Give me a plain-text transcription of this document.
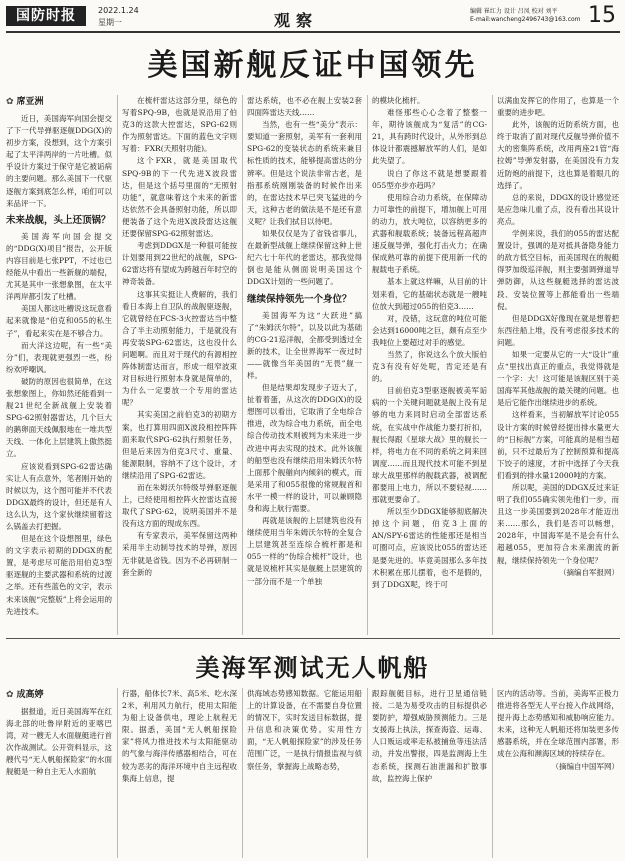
国防时报	2022.1.24
星期一	观察	编辑 崔红力 设计 吕凤 校对 刘平
E-mail:wancheng2496743@163.com 15
美国新舰反证中国领先
✿ 席亚洲

近日，美国海军向国会提交了下一代导弹驱逐舰DDG(X)的初步方案，没想到，这个方案引起了太平洋两岸的一片吐槽。似乎设计方案过于保守是它被诟病的主要问题。那么美国下一代驱逐舰方案到底怎么样，咱们可以来品评一下。

未来战舰，头上还顶锅？

美国海军向国会提交的“DDG(X)项目”报告，公开版内容目前是七张PPT，不过也已经能从中看出一些新舰的端倪，尤其是其中一张想象图，在太平洋两岸都引发了吐槽。

美国人都这吐槽说这玩意看起来就像是“伯克和055的私生子”，看起来实在是不够合力。

而大洋这边呢，有一些“美分”们，表现就更强烈一些，纷纷欢呼嘲讽。

破防的原因也很简单，在这张想象图上，你如然还能看到一舰21世纪全新战舰上安装着SPG-62照射器雷达，几个巨大的鹅卵面天线佩服地在一堆共型天线、一体化上层建筑上傲然挺立。

应该说看到SPG-62雷达确实让人有点意外，笔者刚开始的时候以为，这个图可能并不代表DDGX最终的设计，但还是有人这么认为，这个家伙继续留着这么锅盖去打把握。

但是在这个设想图里，绿色的文字表示初期的DDGX的配置，是考虑尽可能沿用伯克3型驱逐舰的主要武器和系统的过渡之举。还有些蓝色的文字，表示未来该舰“完整版”上将会运用的先进技术。

在梳杆雷达这部分里，绿色的写着SPQ-9B，也就是说沿用了伯克3的这款大控雷达，SPG-62则作为照射雷达。下面的蓝色文字则写着：FXR(天照射功能)。

这个FXR，就是美国取代SPQ-9B的下一代先进X波段雷达，但是这个括号里面的“无照射功能”，就意味着这个未来的新雷达依然不会具备照射功能，所以即便装备了这个先进X波段雷达这舰还要保留SPG-62照射雷达。

考虑到DDGX是一种很可能按计划要用到22世纪的战舰，SPG-62雷达将有望成为跨越百年时空的神奇装备。

这事其实挺让人费解的，我们看日本海上自卫队的战舰驱逐舰，它就曾经在FCS-3火控雷达当中整合了半主动照射能力，于是就没有再安装SPG-62雷达，这也没什么问题啊。而且对于现代的有源相控阵体制雷达而言，形成一组窄波束对目标进行照射本身就是简单的，为什么一定要放一个专用的雷达呢？

其实美国之前伯克3的初期方案，也打算用四面X波段相控阵阵面来取代SPG-62执行照射任务，但是后来因为伯克3尺寸、重量、能源限制，容纳不了这个设计，才继续沿用了SPG-62雷达。

而在朱姆沃尔特级导弹驱逐舰上，已经使用相控阵火控雷达直接取代了SPG-62，说明美国并不是没有这方面的现成东西。

有专家表示，美军保留这两种采用半主动制导技术的导弹，原因无非就是省钱。因为不必再研制一套全新的

雷达系统，也不必在舰上安装2套四面阵雷达天线……

当然，也有一些“美分”表示：要知道一套照射，美军有一套利用SPG-62的变装状态的系统来兼目标性质的技术，能够提高雷达的分辨率。但是这个说法非常古老，是指那系统刚刚装备的时候作出来的，在雷达技术早已突飞猛进的今天，这种古老的做法是不是还有意义呢？让我们拭目以待吧。

如果仅仅是为了省钱省事儿，在最新型战舰上继续保留这种上世纪六七十年代的老雷达，那我觉得倒也是能从侧面说明美国这个DDGX计划的一些问题了。

继续保持领先一个身位？

美国海军为这“大跃进”搞了“朱姆沃尔特”，以及以此为基础的CG-21巡洋舰，全都受到透过全新的技术，让全世界海军一夜过时——就像当年美国的“无畏”舰一样。

但是结果却发现步子迈大了，扯着着蛋，从这次的DDG(X)的设想图可以看出，它取消了全电综合推进，改为综合电力系统，而全电综合传动技术则被判为未来进一步改进中再去实现的技术。此外该舰的船型也没有继续沿用朱姆沃尔特上面那个舰艏向内倾斜的模式，而是采用了和055很像的常规舰首和水平一模一样的设计，可以兼顾隐身和海上航行需要。

再就是该舰的上层建筑也没有继续使用当年朱姆沃尔特的全复合上层建筑甚至连综合梳杆都是和055一样的“伪综合梳杆”设计，也就是说梳杆其实是舰艇上层建筑的一部分而不是一个单独

的模块化梳杆。

难怪那些心心念着了整整一年，期待该舰成为“复活”的CG-21，具有跨时代设计，从外形到总体设计都震撼解放军的人们，是如此失望了。

说白了你这不就是想要跟着055型亦步亦趋吗？

使用综合动力系统，在保障动力可靠性的前提下，增加舰上可用的动力，放大吨位，以容纳更多的武器和舰载系统；装备远程高超声速反舰导弹，强化打击火力；在确保成熟可靠的前提下使用新一代的舰载电子系统。

基本上就这样嘛，从目前的计划来看，它的基础状态就是一艘吨位放大到超过055的伯克3……

对，没错，这玩意的吨位可能会达到16000吨之巨，颇有点至少我吨位上要超过对手的感觉。

当然了，你说这么个放大版伯克3有没有好处呢，肯定还是有的。

目前伯克3型驱逐舰被美军诟病的一个关键问题就是舰上没有足够的电力来同时启动全部雷达系统，在实战中作战能力要打折扣，舰长得跟《星球大战》里的舰长一样，将电力在不同的系统之间来回调度……而且现代技术可能不到星球大战里那样的舰载武器，被调配都要用上电力，所以不要轻视……那就更要命了。

所以至少DDGX能够彻底解决掉这个问题，伯克3上面的AN/SPY-6雷达的性能那还是相当可圈可点，应该说比055的雷达还是要先进的。毕竟美国那么多年技术积累在那儿摆着，也不是假的，到了DDGX呢，终于可

以满血发挥它的作用了，也算是一个重要的进步吧。

此外，该舰的近防系统方面，也终于取消了面对现代反舰导弹价值不大的密集阵系统，改用两座21管“海拉姆”导弹发射器，在美国没有力发近防炮的前提下，这也算是着眼几的选择了。

总的来说，DDGX的设计感觉还是应急味儿重了点，没有看出其设计亮点。

学例来说，我们的055的雷达配置设计，强调的是对抵具备隐身能力的敌方低空目标，而美国现在的舰艇得罗加级巡洋舰，则主要强调弹道导弹防御，从这些舰艇选择的雷达波段、安装位置等上都能看出一些端倪。

但是DDGX好像现在就是想着把东西往船上堆，没有考虑很多技术的问题。

如果一定要从它的一大“设计”重点“里找出真正的重点，我觉得就是一个字：大！这可能是该舰区别于美国海军其他战舰的最关键的问题。也是后它能作出继续进步的系统。

这样看来，当初解放军讨论055设计方案的时候曾经提出排水量更大的“日标舰”方案，可能真的是相当超前，只不过最后为了控制预算和提高下饺子的速度，才折中选择了今天我们看到的排水量12000吨的方案。

所以呢，美国的DDGX反过来证明了我们055确实领先他们一步，而且这一步美国要到2028年才能迈出来……那么，我们是否可以畅想，2028年，中国海军是不是会有什么超越055，更加符合未来潮流的新舰，继续保持领先一个身位呢？

（摘编自军报网）

美海军测试无人帆船
✿ 成高婷

据报道，近日美国海军在红海北部的吐鲁岸附近的亚喀巴湾，对一艘无人水面舰艇进行首次作战测试。公开资料显示，这艘代号“无人帆船探险家”的水面舰艇是一种自主无人水面航

行器，船体长7米、高5米、吃水深2米，利用风力航行，使用太阳能为船上设备供电，理论上航程无限。据悉，美国“无人帆船探险家”将风力推进技术与太阳能驱动的气象与海洋传感器相结合，可在较为恶劣的海洋环境中自主远程收集海上信息，提

供海域态势感知数据。它能运用船上的计算设备，在不需要自身位置的情况下，实时发送目标数据，提升信息和决策优势。实用性方面，“无人帆船探险家”的涉及任务范围广泛，一是执行情报监视与侦察任务，掌握海上战略态势，

跟踪舰艇目标，进行卫星通信链接。二是为易受攻击的目标提供必要防护，增强威胁预测能力。三是支援海上执法，探查海盗、运毒、人口贩运或率走私被捕鱼等违法活动，并发出警报，四是监测海上生态系统，探测石油泄漏和扩散事故，监控海上保护

区内的活动等。当前，美海军正极力推进将各型无人平台接入作战网络，提升海上态势感知和威胁响应能力。未来，这种无人帆船还将加装更多传感器系统，并在全球范围内部署，形成在公海和濒海区域的持续存在。

（摘编自中国军网）
